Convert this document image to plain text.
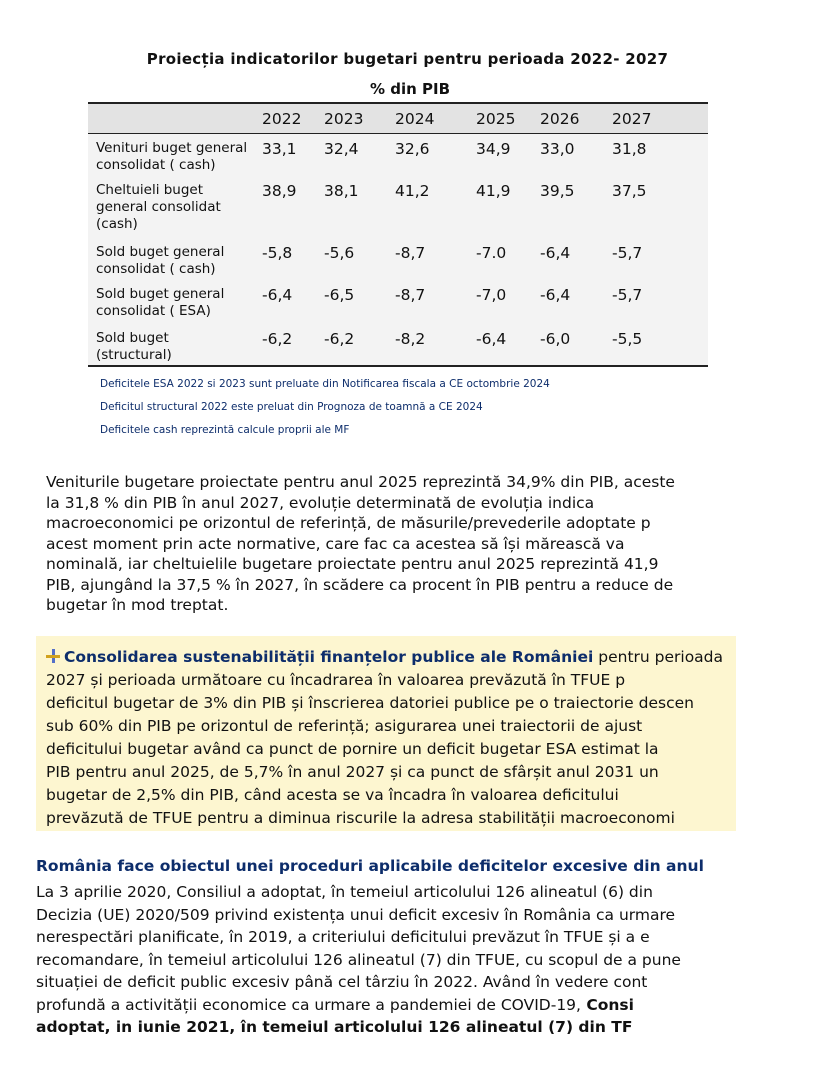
Proiecția indicatorilor bugetari pentru perioada 2022- 2027
% din PIB
	2022	2023	2024	2025	2026	2027

Venituri buget general
consolidat ( cash)	33,1	32,4	32,6	34,9	33,0	31,8

Cheltuieli buget
general consolidat
(cash)	38,9	38,1	41,2	41,9	39,5	37,5

Sold buget general
consolidat ( cash)	-5,8	-5,6	-8,7	-7.0	-6,4	-5,7

Sold buget general
consolidat ( ESA)	-6,4	-6,5	-8,7	-7,0	-6,4	-5,7

Sold buget
(structural)	-6,2	-6,2	-8,2	-6,4	-6,0	-5,5
Deficitele ESA 2022 si 2023 sunt preluate din Notificarea fiscala a CE octombrie 2024
Deficitul structural 2022 este preluat din Prognoza de toamnă a CE 2024
Deficitele cash reprezintă calcule proprii ale MF
Veniturile bugetare proiectate pentru anul 2025 reprezintă 34,9% din PIB, aceste
la 31,8 % din PIB în anul 2027, evoluție determinată de evoluția indica
macroeconomici pe orizontul de referință, de măsurile/prevederile adoptate p
acest moment prin acte normative, care fac ca acestea să își mărească va
nominală, iar cheltuielile bugetare proiectate pentru anul 2025 reprezintă 41,9
PIB, ajungând la 37,5 % în 2027, în scădere ca procent în PIB pentru a reduce de
bugetar în mod treptat.
Consolidarea sustenabilității finanțelor publice ale României pentru perioada
2027 și perioada următoare cu încadrarea în valoarea prevăzută în TFUE p
deficitul bugetar de 3% din PIB și înscrierea datoriei publice pe o traiectorie descen
sub 60% din PIB pe orizontul de referință; asigurarea unei traiectorii de ajust
deficitului bugetar având ca punct de pornire un deficit bugetar ESA estimat la
PIB pentru anul 2025, de 5,7% în anul 2027 și ca punct de sfârșit anul 2031 un
bugetar de 2,5% din PIB, când acesta se va încadra în valoarea deficitului
prevăzută de TFUE pentru a diminua riscurile la adresa stabilității macroeconomi
România face obiectul unei proceduri aplicabile deficitelor excesive din anul
La 3 aprilie 2020, Consiliul a adoptat, în temeiul articolului 126 alineatul (6) din
Decizia (UE) 2020/509 privind existența unui deficit excesiv în România ca urmare
nerespectări planificate, în 2019, a criteriului deficitului prevăzut în TFUE și a e
recomandare, în temeiul articolului 126 alineatul (7) din TFUE, cu scopul de a pune
situației de deficit public excesiv până cel târziu în 2022. Având în vedere cont
profundă a activității economice ca urmare a pandemiei de COVID-19, Consi
adoptat, in iunie 2021, în temeiul articolului 126 alineatul (7) din TF
